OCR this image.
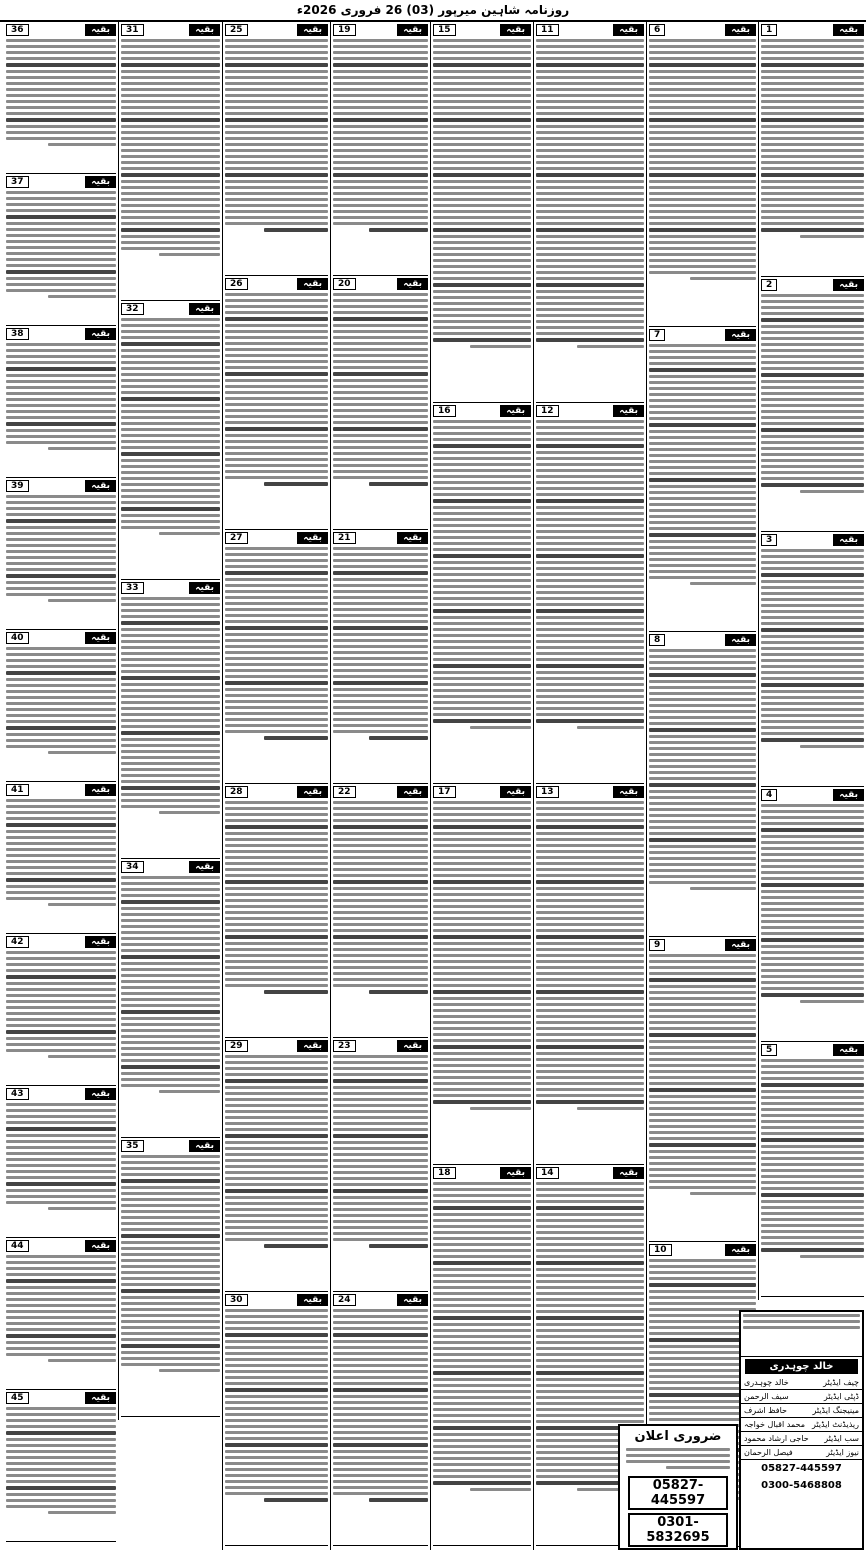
روزنامہ شاہین میرپور (03) 26 فروری 2026ء
بقیہ
1
بقیہ
2
بقیہ
3
بقیہ
4
بقیہ
5
بقیہ
6
بقیہ
7
بقیہ
8
بقیہ
9
بقیہ
10
بقیہ
11
بقیہ
12
بقیہ
13
بقیہ
14
بقیہ
15
بقیہ
16
بقیہ
17
بقیہ
18
بقیہ
19
بقیہ
20
بقیہ
21
بقیہ
22
بقیہ
23
بقیہ
24
بقیہ
25
بقیہ
26
بقیہ
27
بقیہ
28
بقیہ
29
بقیہ
30
بقیہ
31
بقیہ
32
بقیہ
33
بقیہ
34
بقیہ
35
بقیہ
36
بقیہ
37
بقیہ
38
بقیہ
39
بقیہ
40
بقیہ
41
بقیہ
42
بقیہ
43
بقیہ
44
بقیہ
45
ضروری اعلان
05827-445597
0301-5832695
خالد چوہدری
چیف ایڈیٹر
خالد چوہدری
ڈپٹی ایڈیٹر
سیف الرحمن
مینیجنگ ایڈیٹر
حافظ اشرف
ریذیڈنٹ ایڈیٹر
محمد اقبال خواجہ
سب ایڈیٹر
حاجی ارشاد محمود
نیوز ایڈیٹر
فیصل الرحمان
05827-445597
0300-5468808
